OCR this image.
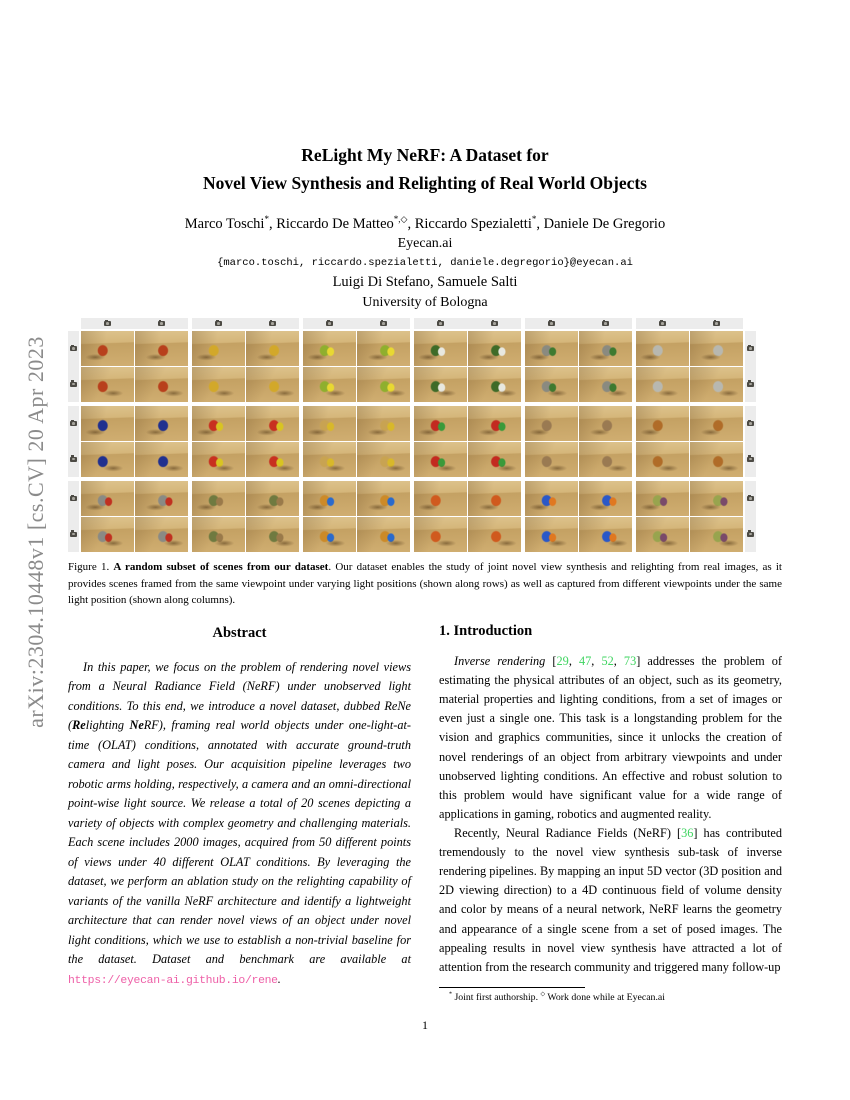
arXiv:2304.10448v1 [cs.CV] 20 Apr 2023
ReLight My NeRF: A Dataset for
Novel View Synthesis and Relighting of Real World Objects
Marco Toschi*, Riccardo De Matteo*,◇, Riccardo Spezialetti*, Daniele De Gregorio
Eyecan.ai
{marco.toschi, riccardo.spezialetti, daniele.degregorio}@eyecan.ai
Luigi Di Stefano, Samuele Salti
University of Bologna
Figure 1. A random subset of scenes from our dataset. Our dataset enables the study of joint novel view synthesis and relighting from real images, as it provides scenes framed from the same viewpoint under varying light positions (shown along rows) as well as captured from different viewpoints under the same light position (shown along columns).
Abstract

In this paper, we focus on the problem of rendering novel views from a Neural Radiance Field (NeRF) under unobserved light conditions. To this end, we introduce a novel dataset, dubbed ReNe (Relighting NeRF), framing real world objects under one-light-at-time (OLAT) conditions, annotated with accurate ground-truth camera and light poses. Our acquisition pipeline leverages two robotic arms holding, respectively, a camera and an omni-directional point-wise light source. We release a total of 20 scenes depicting a variety of objects with complex geometry and challenging materials. Each scene includes 2000 images, acquired from 50 different points of views under 40 different OLAT conditions. By leveraging the dataset, we perform an ablation study on the relighting capability of variants of the vanilla NeRF architecture and identify a lightweight architecture that can render novel views of an object under novel light conditions, which we use to establish a non-trivial baseline for the dataset. Dataset and benchmark are available at https://eyecan-ai.github.io/rene.

1. Introduction

Inverse rendering [29, 47, 52, 73] addresses the problem of estimating the physical attributes of an object, such as its geometry, material properties and lighting conditions, from a set of images or even just a single one. This task is a longstanding problem for the vision and graphics communities, since it unlocks the creation of novel renderings of an object from arbitrary viewpoints and under unobserved lighting conditions. An effective and robust solution to this problem would have significant value for a wide range of applications in gaming, robotics and augmented reality.

Recently, Neural Radiance Fields (NeRF) [36] has contributed tremendously to the novel view synthesis sub-task of inverse rendering pipelines. By mapping an input 5D vector (3D position and 2D viewing direction) to a 4D continuous field of volume density and color by means of a neural network, NeRF learns the geometry and appearance of a single scene from a set of posed images. The appealing results in novel view synthesis have attracted a lot of attention from the research community and triggered many follow-up

* Joint first authorship. ◇ Work done while at Eyecan.ai
1
